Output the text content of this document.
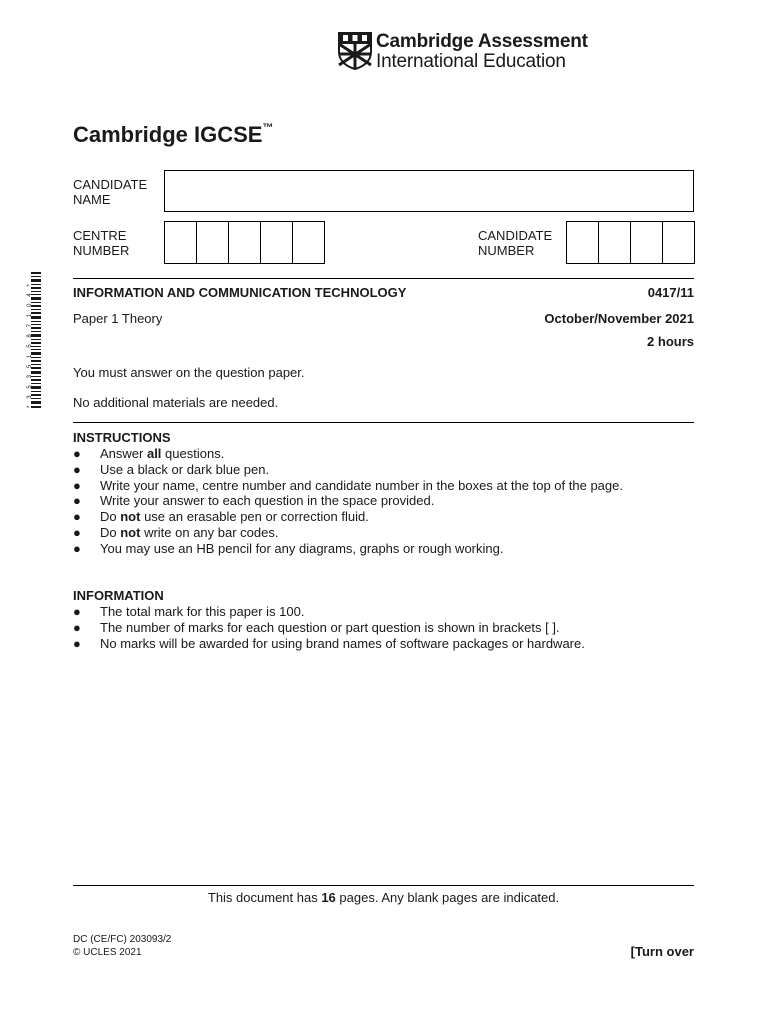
Cambridge Assessment
International Education
Cambridge IGCSE™
* 3 5 3 5 1 5 8 7 1 0 4 *
CANDIDATE
NAME
CENTRE
NUMBER
CANDIDATE
NUMBER
INFORMATION AND COMMUNICATION TECHNOLOGY	0417/11
Paper 1 Theory	October/November 2021
2 hours
You must answer on the question paper.
No additional materials are needed.
INSTRUCTIONS
● Answer all questions.
● Use a black or dark blue pen.
● Write your name, centre number and candidate number in the boxes at the top of the page.
● Write your answer to each question in the space provided.
● Do not use an erasable pen or correction fluid.
● Do not write on any bar codes.
● You may use an HB pencil for any diagrams, graphs or rough working.
INFORMATION
● The total mark for this paper is 100.
● The number of marks for each question or part question is shown in brackets [ ].
● No marks will be awarded for using brand names of software packages or hardware.
This document has 16 pages. Any blank pages are indicated.
DC (CE/FC) 203093/2
© UCLES 2021	[Turn over
